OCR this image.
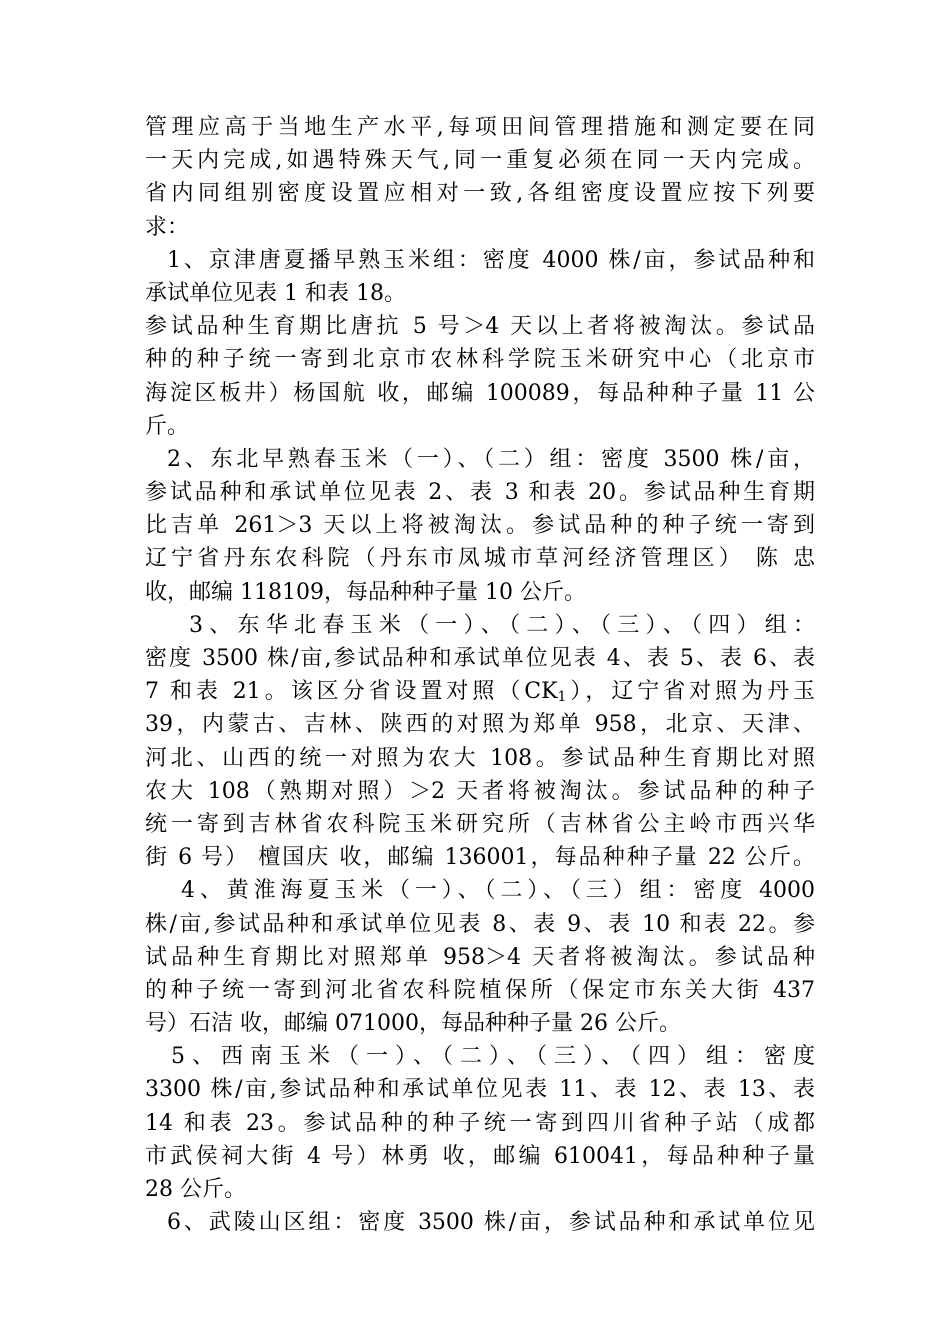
管理应高于当地生产水平,每项田间管理措施和测定要在同
一天内完成,如遇特殊天气,同一重复必须在同一天内完成。
省内同组别密度设置应相对一致,各组密度设置应按下列要
求：
1、京津唐夏播早熟玉米组：密度 4000 株/亩，参试品种和
承试单位见表 1 和表 18。
参试品种生育期比唐抗 5 号＞4 天以上者将被淘汰。参试品
种的种子统一寄到北京市农林科学院玉米研究中心（北京市
海淀区板井）杨国航 收，邮编 100089，每品种种子量 11 公
斤。
2、东北早熟春玉米（一）、（二）组：密度 3500 株/亩，
参试品种和承试单位见表 2、表 3 和表 20。参试品种生育期
比吉单 261＞3 天以上将被淘汰。参试品种的种子统一寄到
辽宁省丹东农科院（丹东市凤城市草河经济管理区） 陈 忠
收，邮编 118109，每品种种子量 10 公斤。
3、东华北春玉米（一）、（二）、（三）、（四）组：
密度 3500 株/亩,参试品种和承试单位见表 4、表 5、表 6、表
7 和表 21。该区分省设置对照$(CK_1)$，辽宁省对照为丹玉
39，内蒙古、吉林、陕西的对照为郑单 958，北京、天津、
河北、山西的统一对照为农大 108。参试品种生育期比对照
农大 108（熟期对照）＞2 天者将被淘汰。参试品种的种子
统一寄到吉林省农科院玉米研究所（吉林省公主岭市西兴华
街 6 号） 檀国庆 收，邮编 136001，每品种种子量 22 公斤。
4、黄淮海夏玉米（一）、（二）、（三）组：密度 4000
株/亩,参试品种和承试单位见表 8、表 9、表 10 和表 22。参
试品种生育期比对照郑单 958＞4 天者将被淘汰。参试品种
的种子统一寄到河北省农科院植保所（保定市东关大街 437
号）石洁 收，邮编 071000，每品种种子量 26 公斤。
5、西南玉米（一）、（二）、（三）、（四）组：密度
3300 株/亩,参试品种和承试单位见表 11、表 12、表 13、表
14 和表 23。参试品种的种子统一寄到四川省种子站（成都
市武侯祠大街 4 号）林勇 收，邮编 610041，每品种种子量
28 公斤。
6、武陵山区组：密度 3500 株/亩，参试品种和承试单位见
